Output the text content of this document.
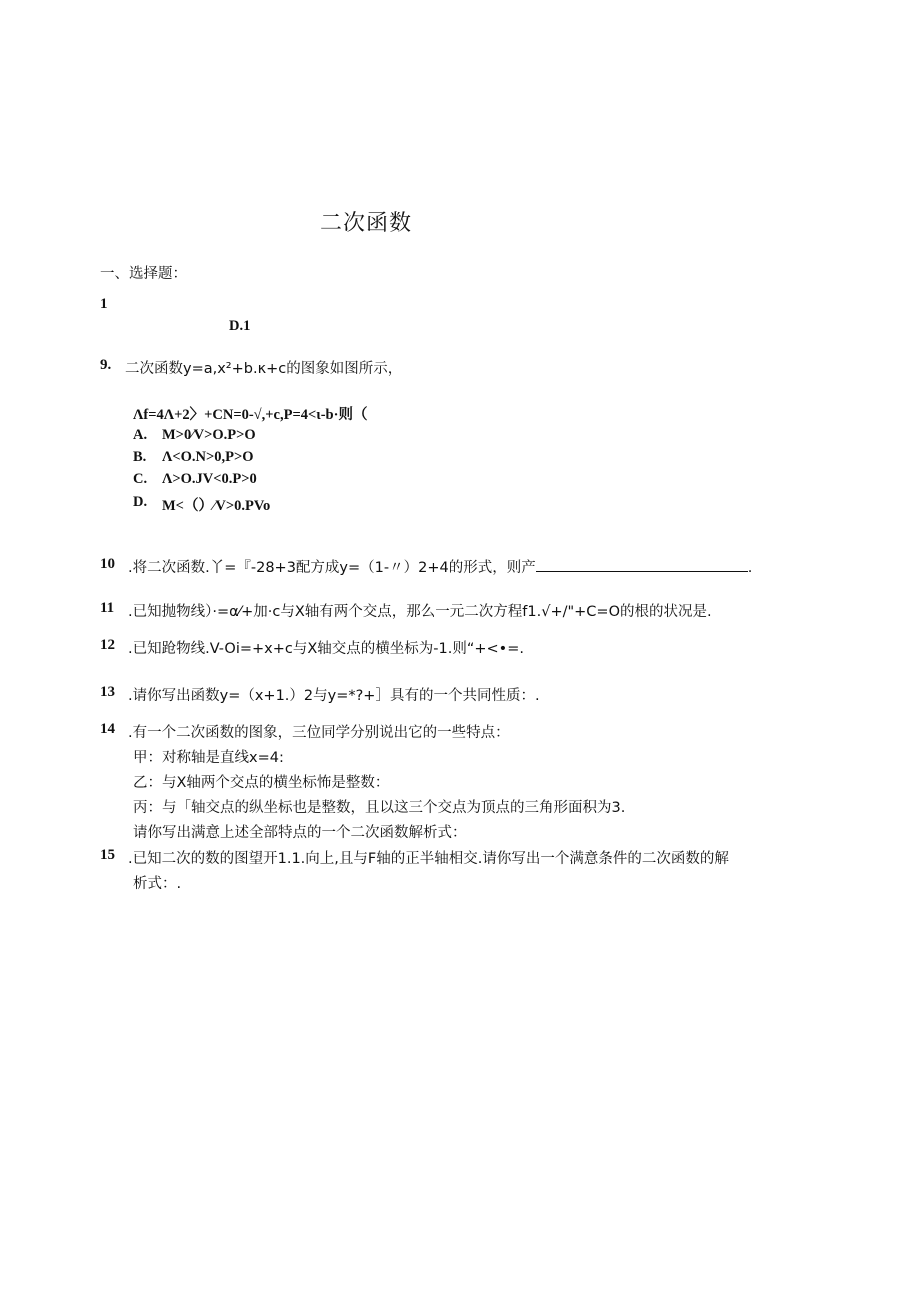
二次函数
一、选择题：
1
D.1
9. 二次函数y=a,x²+b.κ+c的图象如图所示，
Λf=4Λ+2〉+CN=0-√,+c,P=4<ι-b·则（
A. M>0⁄V>O.P>O
B. Λ<O.N>0,P>O
C. Λ>O.JV<0.P>0
D. M<（）⁄V>0.PVo
10 .将二次函数.丫=『-28+3配方成y=（1-〃）2+4的形式，则产	.
11 .已知抛物线）·=α⁄+加·c与X轴有两个交点，那么一元二次方程f1.√+/"+C=O的根的状况是.
12 .已知跄物线.V-Oi=+x+c与X轴交点的横坐标为-1.则“+<•=.
13 .请你写出函数y=（x+1.）2与y=*?+］具有的一个共同性质：.
14 .有一个二次函数的图象，三位同学分别说出它的一些特点：
甲：对称轴是直线x=4:
乙：与X轴两个交点的横坐标怖是整数：
丙：与「轴交点的纵坐标也是整数，且以这三个交点为顶点的三角形面积为3.
请你写出满意上述全部特点的一个二次函数解析式：
15 .已知二次的数的图望开1.1.向上,且与F轴的正半轴相交.请你写出一个满意条件的二次函数的解
析式：.
